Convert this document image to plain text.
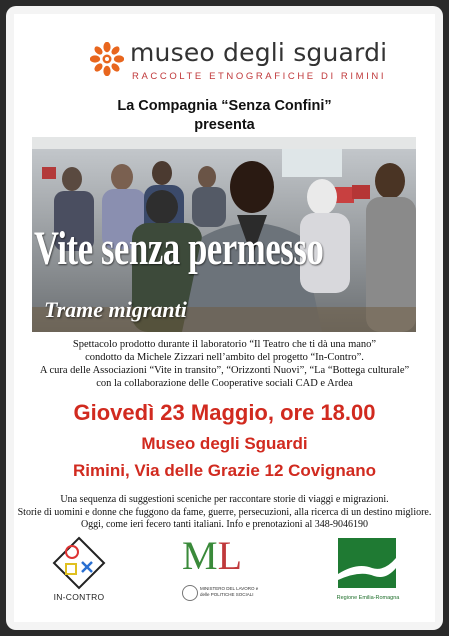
museo degli sguardi
RACCOLTE ETNOGRAFICHE DI RIMINI
La Compagnia “Senza Confini”
presenta
Vite senza permesso
Trame migranti
Spettacolo prodotto durante il laboratorio “Il Teatro che ti dà una mano”
condotto da Michele Zizzari nell’ambito del progetto “In-Contro”.
A cura delle Associazioni “Vite in transito”, “Orizzonti Nuovi”, “La “Bottega culturale”
con la collaborazione delle Cooperative sociali CAD e Ardea
Giovedì 23 Maggio, ore 18.00
Museo degli Sguardi
Rimini, Via delle Grazie 12 Covignano
Una sequenza di suggestioni sceniche per raccontare storie di viaggi e migrazioni.
Storie di uomini e donne che fuggono da fame, guerre, persecuzioni, alla ricerca di un destino migliore.
Oggi, come ieri fecero tanti italiani. Info e prenotazioni al 348-9046190
IN-CONTRO
ML
MINISTERO DEL LAVORO e delle POLITICHE SOCIALI
Regione Emilia-Romagna
